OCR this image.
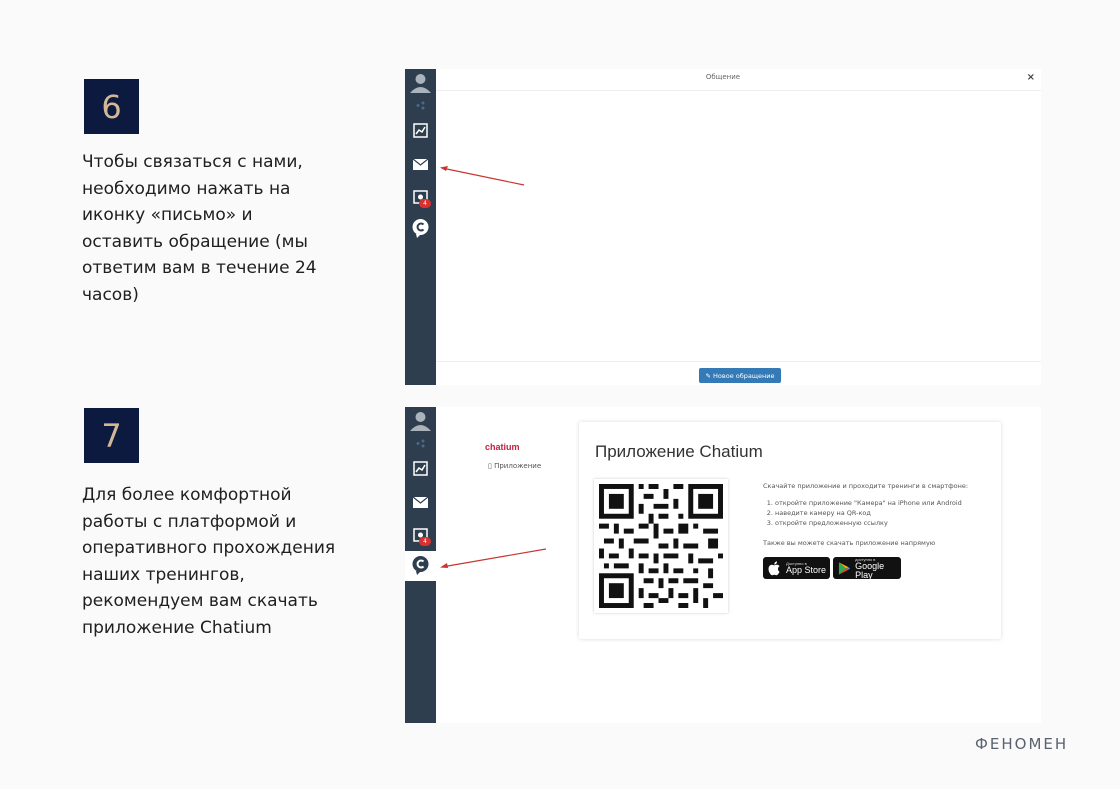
6
Чтобы связаться с нами,
необходимо нажать на
иконку «письмо» и
оставить обращение (мы
ответим вам в течение 24
часов)
4
Общение	×
✎ Новое обращение
7
Для более комфортной
работы с платформой и
оперативного прохождения
наших тренингов,
рекомендуем вам скачать
приложение Chatium
4
chatium
▯ Приложение
Приложение Chatium
Скачайте приложение и проходите тренинги в смартфоне:
1. откройте приложение "Камера" на iPhone или Android
2. наведите камеру на QR-код
3. откройте предложенную ссылку
Также вы можете скачать приложение напрямую
Доступно в
App Store
доступно в
Google Play
ФЕНОМЕН
